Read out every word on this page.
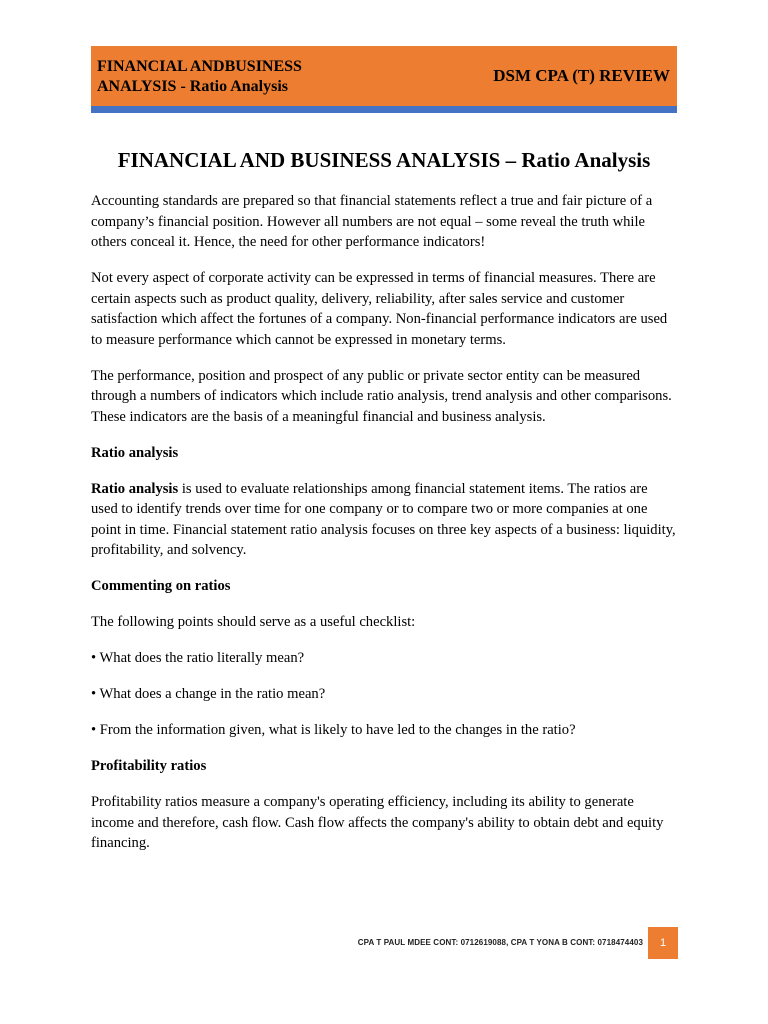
FINANCIAL ANDBUSINESS
ANALYSIS - Ratio Analysis
DSM CPA (T) REVIEW
FINANCIAL AND BUSINESS ANALYSIS – Ratio Analysis

Accounting standards are prepared so that financial statements reflect a true and fair picture of a company’s financial position. However all numbers are not equal – some reveal the truth while others conceal it. Hence, the need for other performance indicators!

Not every aspect of corporate activity can be expressed in terms of financial measures. There are certain aspects such as product quality, delivery, reliability, after sales service and customer satisfaction which affect the fortunes of a company. Non-financial performance indicators are used to measure performance which cannot be expressed in monetary terms.

The performance, position and prospect of any public or private sector entity can be measured through a numbers of indicators which include ratio analysis, trend analysis and other comparisons. These indicators are the basis of a meaningful financial and business analysis.

Ratio analysis

Ratio analysis is used to evaluate relationships among financial statement items. The ratios are used to identify trends over time for one company or to compare two or more companies at one point in time. Financial statement ratio analysis focuses on three key aspects of a business: liquidity, profitability, and solvency.

Commenting on ratios

The following points should serve as a useful checklist:

• What does the ratio literally mean?

• What does a change in the ratio mean?

• From the information given, what is likely to have led to the changes in the ratio?

Profitability ratios

Profitability ratios measure a company's operating efficiency, including its ability to generate income and therefore, cash flow. Cash flow affects the company's ability to obtain debt and equity financing.

CPA T PAUL MDEE CONT: 0712619088, CPA T YONA B CONT: 0718474403	1
